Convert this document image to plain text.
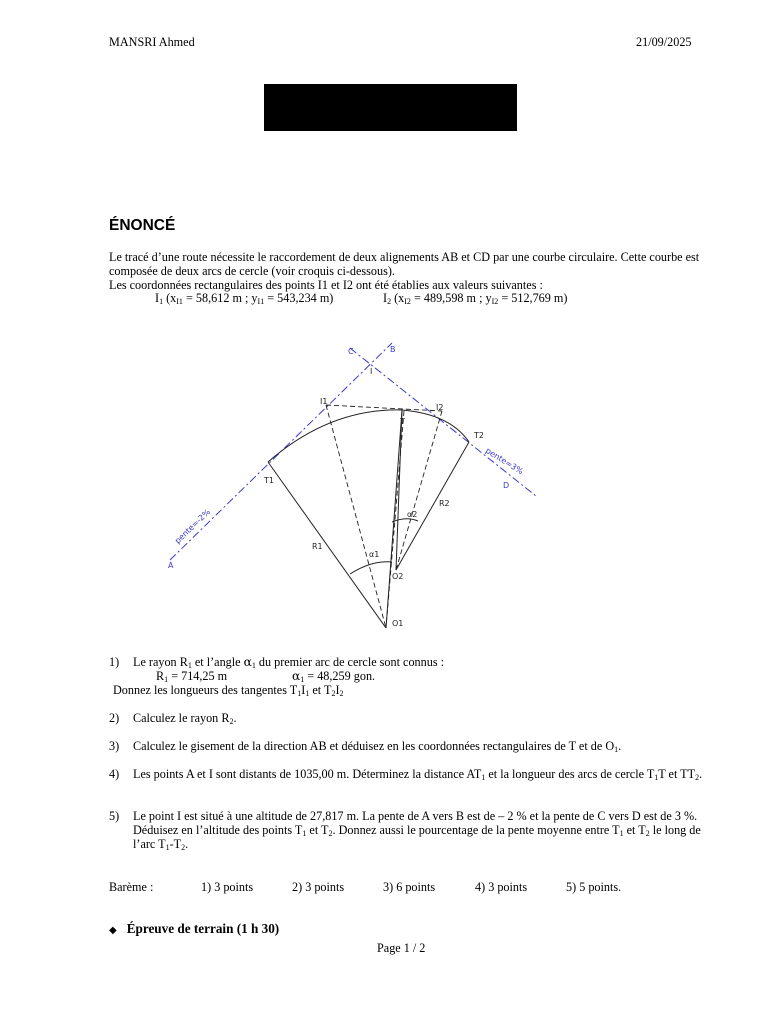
MANSRI Ahmed	21/09/2025
ÉNONCÉ

Le tracé d’une route nécessite le raccordement de deux alignements AB et CD par une courbe circulaire. Cette courbe est composée de deux arcs de cercle (voir croquis ci-dessous).

Les coordonnées rectangulaires des points I1 et I2 ont été établies aux valeurs suivantes :

$I_1$ ($x_{I1} = 58,612$ m ; $y_{I1} = 543,234$ m)	$I_2$ ($x_{I2} = 489,598$ m ; $y_{I2} = 512,769$ m)
C	B
I
D
A
pente=-2%
pente=3%
I1
I2
T
T1
T2
R1
R2
O1
O2
α1
α2
1) Le rayon $R_1$ et l’angle $\alpha_1$ du premier arc de cercle sont connus :

$R_1 = 714,25$ m	$\alpha_1 = 48,259$ gon.
Donnez les longueurs des tangentes $T_1I_1$ et $T_2I_2$
2) Calculez le rayon $R_2$.
3) Calculez le gisement de la direction AB et déduisez en les coordonnées rectangulaires de T et de $O_1$.
4) Les points A et I sont distants de 1035,00 m. Déterminez la distance $AT_1$ et la longueur des arcs de cercle $T_1T$ et $TT_2$.
5) Le point I est situé à une altitude de 27,817 m. La pente de A vers B est de – 2 % et la pente de C vers D est de 3 %.

Déduisez en l’altitude des points $T_1$ et $T_2$. Donnez aussi le pourcentage de la pente moyenne entre $T_1$ et $T_2$ le long de l’arc $T_1-T_2$.

Barème :	1) 3 points	2) 3 points	3) 6 points	4) 3 points	5) 5 points.
◆ Épreuve de terrain (1 h 30)
Page 1 / 2
